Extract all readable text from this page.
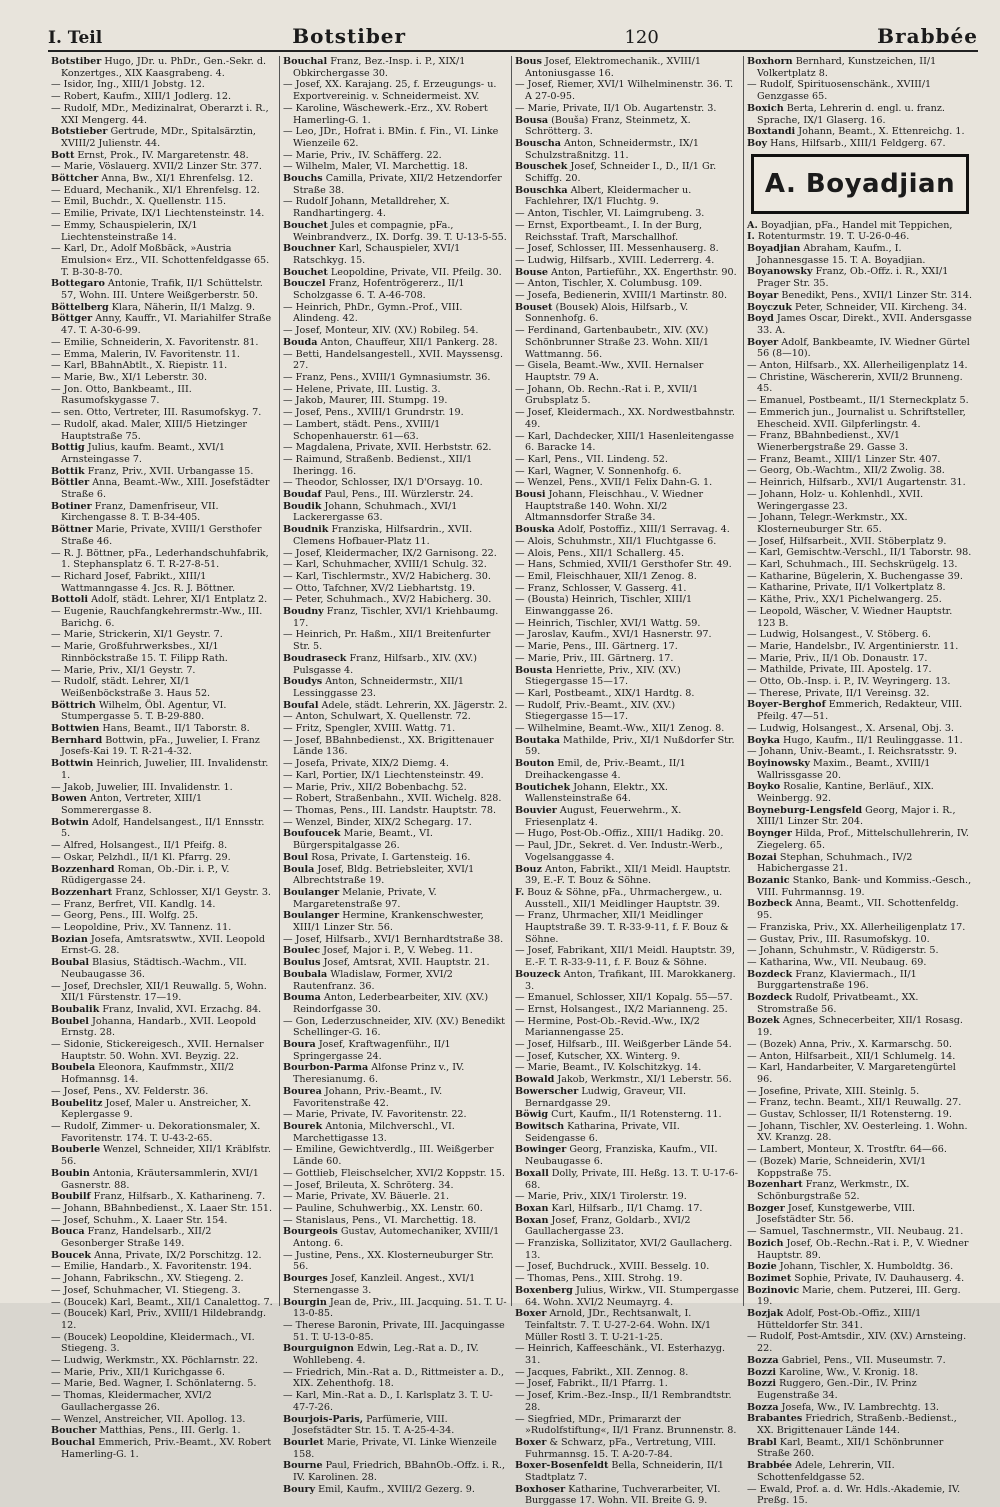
I. Teil	Botstiber	120	Brabbée

Botstiber Hugo, JDr. u. PhDr., Gen.-Sekr. d. Konzertges., XIX Kaasgrabeng. 4.

— Isidor, Ing., XIII/1 Jobstg. 12.

— Robert, Kaufm., XIII/1 Jodlerg. 12.

— Rudolf, MDr., Medizinalrat, Oberarzt i. R., XXI Mengerg. 44.

Botstieber Gertrude, MDr., Spitalsärztin, XVIII/2 Julienstr. 44.

Bott Ernst, Prok., IV. Margaretenstr. 48.

— Marie, Vöslauerg. XVII/2 Linzer Str. 377.

Böttcher Anna, Bw., XI/1 Ehrenfelsg. 12.

— Eduard, Mechanik., XI/1 Ehrenfelsg. 12.

— Emil, Buchdr., X. Quellenstr. 115.

— Emilie, Private, IX/1 Liechtensteinstr. 14.

— Emmy, Schauspielerin, IX/1 Liechtensteinstraße 14.

— Karl, Dr., Adolf Moßbäck, »Austria Emulsion« Erz., VII. Schottenfeldgasse 65. T. B-30-8-70.

Bottegaro Antonie, Trafik, II/1 Schüttelstr. 57, Wohn. III. Untere Weißgerberstr. 50.

Böttelberg Klara, Näherin, II/1 Malzg. 9.

Böttger Anny, Kauffr., VI. Mariahilfer Straße 47. T. A-30-6-99.

— Emilie, Schneiderin, X. Favoritenstr. 81.

— Emma, Malerin, IV. Favoritenstr. 11.

— Karl, BBahnAbtlt., X. Riepistr. 11.

— Marie, Bw., XI/1 Leberstr. 30.

— Jon. Otto, Bankbeamt., III. Rasumofskygasse 7.

— sen. Otto, Vertreter, III. Rasumofskyg. 7.

— Rudolf, akad. Maler, XIII/5 Hietzinger Hauptstraße 75.

Bottig Julius, kaufm. Beamt., XVI/1 Arnsteingasse 7.

Bottik Franz, Priv., XVII. Urbangasse 15.

Böttler Anna, Beamt.-Ww., XIII. Josefstädter Straße 6.

Botiner Franz, Damenfriseur, VII. Kirchengasse 8. T. B-34-405.

Böttner Marie, Private, XVIII/1 Gersthofer Straße 46.

— R. J. Böttner, pFa., Lederhandschuhfabrik, 1. Stephansplatz 6. T. R-27-8-51.

— Richard Josef, Fabrikt., XIII/1 Wattmanngasse 4. Jcs. R. J. Böttner.

Bottoli Adolf, städt. Lehrer, XI/1 Entplatz 2.

— Eugenie, Rauchfangkehrermstr.-Ww., III. Barichg. 6.

— Marie, Strickerin, XI/1 Geystr. 7.

— Marie, Großfuhrwerksbes., XI/1 Rinnböckstraße 15. T. Filipp Rath.

— Marie, Priv., XI/1 Geystr. 7.

— Rudolf, städt. Lehrer, XI/1 Weißenböckstraße 3. Haus 52.

Böttrich Wilhelm, Öbl. Agentur, VI. Stumpergasse 5. T. B-29-880.

Bottwien Hans, Beamt., II/1 Taborstr. 8.

Bernhard Bottwin, pFa., Juwelier, I. Franz Josefs-Kai 19. T. R-21-4-32.

Bottwin Heinrich, Juwelier, III. Invalidenstr. 1.

— Jakob, Juwelier, III. Invalidenstr. 1.

Bowen Anton, Vertreter, XIII/1 Sommerergasse 8.

Botwin Adolf, Handelsangest., II/1 Ennsstr. 5.

— Alfred, Holsangest., II/1 Pfeifg. 8.

— Oskar, Pelzhdl., II/1 Kl. Pfarrg. 29.

Bozzenhard Roman, Ob.-Dir. i. P., V. Rüdigergasse 24.

Bozzenhart Franz, Schlosser, XI/1 Geystr. 3.

— Franz, Berfret, VII. Kandlg. 14.

— Georg, Pens., III. Wolfg. 25.

— Leopoldine, Priv., XV. Tannenz. 11.

Bozian Josefa, Amtsratswtw., XVII. Leopold Ernst-G. 28.

Boubal Blasius, Städtisch.-Wachm., VII. Neubaugasse 36.

— Josef, Drechsler, XII/1 Reuwallg. 5, Wohn. XII/1 Fürstenstr. 17—19.

Boubalik Franz, Invalid, XVI. Erzachg. 84.

Boubel Johanna, Handarb., XVII. Leopold Ernstg. 28.

— Sidonie, Stickereigesch., XVII. Hernalser Hauptstr. 50. Wohn. XVI. Beyzig. 22.

Boubela Eleonora, Kaufmmstr., XII/2 Hofmannsg. 14.

— Josef, Pens., XV. Felderstr. 36.

Boubelitz Josef, Maler u. Anstreicher, X. Keplergasse 9.

— Rudolf, Zimmer- u. Dekorationsmaler, X. Favoritenstr. 174. T. U-43-2-65.

Bouberle Wenzel, Schneider, XII/1 Kräblfstr. 56.

Boubin Antonia, Kräutersammlerin, XVI/1 Gasnerstr. 88.

Boubilf Franz, Hilfsarb., X. Katharineng. 7.

— Johann, BBahnbedienst., X. Laaer Str. 151.

— Josef, Schuhm., X. Laaer Str. 154.

Bouca Franz, Handelsarb., XII/2 Gesonberger Straße 149.

Boucek Anna, Private, IX/2 Porschitzg. 12.

— Emilie, Handarb., X. Favoritenstr. 194.

— Johann, Fabrikschn., XV. Stiegeng. 2.

— Josef, Schuhmacher, VI. Stiegeng. 3.

— (Boucek) Karl, Beamt., XII/1 Canalettog. 7.

— (Boucek) Karl, Priv., XVIII/1 Hildebrandg. 12.

— (Boucek) Leopoldine, Kleidermach., VI. Stiegeng. 3.

— Ludwig, Werkmstr., XX. Pöchlarnstr. 22.

— Marie, Priv., XII/1 Kurichgasse 6.

— Marie, Bed. Wagner, I. Schönlaterng. 5.

— Thomas, Kleidermacher, XVI/2 Gaullachergasse 26.

— Wenzel, Anstreicher, VII. Apollog. 13.

Boucher Matthias, Pens., III. Gerlg. 1.

Bouchal Emmerich, Priv.-Beamt., XV. Robert Hamerling-G. 1.

Bouchal Franz, Bez.-Insp. i. P., XIX/1 Obkirchergasse 30.

— Josef, XX. Karajang. 25, f. Erzeugungs- u. Exportvereinig. v. Schneidermeist. XV.

— Karoline, Wäschewerk.-Erz., XV. Robert Hamerling-G. 1.

— Leo, JDr., Hofrat i. BMin. f. Fin., VI. Linke Wienzeile 62.

— Marie, Priv., IV. Schäfferg. 22.

— Wilhelm, Maler, VI. Marchettig. 18.

Bouchs Camilla, Private, XII/2 Hetzendorfer Straße 38.

— Rudolf Johann, Metalldreher, X. Randhartingerg. 4.

Bouchet Jules et compagnie, pFa., Weinbrandverz., IX. Dorfg. 39. T. U-13-5-55.

Bouchner Karl, Schauspieler, XVI/1 Ratschkyg. 15.

Bouchet Leopoldine, Private, VII. Pfeilg. 30.

Bouczel Franz, Hofentrögererz., II/1 Scholzgasse 6. T. A-46-708.

— Heinrich, PhDr., Gymn.-Prof., VIII. Alindeng. 42.

— Josef, Monteur, XIV. (XV.) Robileg. 54.

Bouda Anton, Chauffeur, XII/1 Pankerg. 28.

— Betti, Handelsangestell., XVII. Mayssensg. 27.

— Franz, Pens., XVIII/1 Gymnasiumstr. 36.

— Helene, Private, III. Lustig. 3.

— Jakob, Maurer, III. Stumpg. 19.

— Josef, Pens., XVIII/1 Grundrstr. 19.

— Lambert, städt. Pens., XVIII/1 Schopenhauerstr. 61—63.

— Magdalena, Private, XVII. Herbststr. 62.

— Raimund, Straßenb. Bedienst., XII/1 Iheringg. 16.

— Theodor, Schlosser, IX/1 D'Orsayg. 10.

Boudaf Paul, Pens., III. Würzlerstr. 24.

Boudik Johann, Schuhmach., XVI/1 Lackerergasse 63.

Boudnik Franziska, Hilfsardrin., XVII. Clemens Hofbauer-Platz 11.

— Josef, Kleidermacher, IX/2 Garnisong. 22.

— Karl, Schuhmacher, XVIII/1 Schulg. 32.

— Karl, Tischlermstr., XV/2 Habicherg. 30.

— Otto, Tafchner, XV/2 Liebhartstg. 19.

— Peter, Schuhmach., XV/2 Habicherg. 30.

Boudny Franz, Tischler, XVI/1 Kriehbaumg. 17.

— Heinrich, Pr. Haßm., XII/1 Breitenfurter Str. 5.

Boudraseck Franz, Hilfsarb., XIV. (XV.) Pulsgasse 4.

Boudys Anton, Schneidermstr., XII/1 Lessinggasse 23.

Boufal Adele, städt. Lehrerin, XX. Jägerstr. 2.

— Anton, Schulwart, X. Quellenstr. 72.

— Fritz, Spengler, XVIII. Wattg. 71.

— Josef, BBahnbedienst., XX. Brigittenauer Lände 136.

— Josefa, Private, XIX/2 Diemg. 4.

— Karl, Portier, IX/1 Liechtensteinstr. 49.

— Marie, Priv., XII/2 Bobenbachg. 52.

— Robert, Straßenbahn., XVII. Wichelg. 828.

— Thomas, Pens., III. Landstr. Hauptstr. 78.

— Wenzel, Binder, XIX/2 Schegarg. 17.

Boufoucek Marie, Beamt., VI. Bürgerspitalgasse 26.

Boul Rosa, Private, I. Gartensteig. 16.

Boula Josef, Bldg. Betriebsleiter, XVI/1 Albrechtstraße 19.

Boulanger Melanie, Private, V. Margaretenstraße 97.

Boulanger Hermine, Krankenschwester, XIII/1 Linzer Str. 56.

— Josef, Hilfsarb., XVI/1 Bernhardtstraße 38.

Boulec Josef, Major i. P., V. Webeg. 11.

Boulus Josef, Amtsrat, XVII. Hauptstr. 21.

Boubala Wladislaw, Former, XVI/2 Rautenfranz. 36.

Bouma Anton, Lederbearbeiter, XIV. (XV.) Reindorfgasse 30.

— Gon, Lederzuschneider, XIV. (XV.) Benedikt Schellinger-G. 16.

Boura Josef, Kraftwagenführ., II/1 Springergasse 24.

Bourbon-Parma Alfonse Prinz v., IV. Theresianumg. 6.

Bourea Johann, Priv.-Beamt., IV. Favoritenstraße 42.

— Marie, Private, IV. Favoritenstr. 22.

Bourek Antonia, Milchverschl., VI. Marchettigasse 13.

— Emiline, Gewichtverdlg., III. Weißgerber Lände 60.

— Gottlieb, Fleischselcher, XVI/2 Koppstr. 15.

— Josef, Brileuta, X. Schröterg. 34.

— Marie, Private, XV. Bäuerle. 21.

— Pauline, Schuhwerbig., XX. Lenstr. 60.

— Stanislaus, Pens., VI. Marchettig. 18.

Bourgeois Gustav, Automechaniker, XVIII/1 Antong. 6.

— Justine, Pens., XX. Klosterneuburger Str. 56.

Bourges Josef, Kanzleil. Angest., XVI/1 Sternengasse 3.

Bourgin Jean de, Priv., III. Jacquing. 51. T. U-13-0-85.

— Therese Baronin, Private, III. Jacquingasse 51. T. U-13-0-85.

Bourguignon Edwin, Leg.-Rat a. D., IV. Wohllebeng. 4.

— Friedrich, Min.-Rat a. D., Rittmeister a. D., XIX. Zehenthofg. 18.

— Karl, Min.-Rat a. D., I. Karlsplatz 3. T. U-47-7-26.

Bourjois-Paris, Parfümerie, VIII. Josefstädter Str. 15. T. A-25-4-34.

Bourlet Marie, Private, VI. Linke Wienzeile 158.

Bourne Paul, Friedrich, BBahnOb.-Offz. i. R., IV. Karolinen. 28.

Boury Emil, Kaufm., XVIII/2 Gezerg. 9.

Bous Josef, Elektromechanik., XVIII/1 Antoniusgasse 16.

— Josef, Riemer, XVI/1 Wilhelminenstr. 36. T. A 27-0-95.

— Marie, Private, II/1 Ob. Augartenstr. 3.

Bousa (Bouša) Franz, Steinmetz, X. Schrötterg. 3.

Bouscha Anton, Schneidermstr., IX/1 Schulzstraßnitzg. 11.

Bouschek Josef, Schneider I., D., II/1 Gr. Schiffg. 20.

Bouschka Albert, Kleidermacher u. Fachlehrer, IX/1 Fluchtg. 9.

— Anton, Tischler, VI. Laimgrubeng. 3.

— Ernst, Exportbeamt., I. In der Burg, Reichsstaf. Traft, Marschallhof.

— Josef, Schlosser, III. Messenhauserg. 8.

— Ludwig, Hilfsarb., XVIII. Lederrerg. 4.

Bouse Anton, Partieführ., XX. Engerthstr. 90.

— Anton, Tischler, X. Columbusg. 109.

— Josefa, Bedienerin, XVIII/1 Martinstr. 80.

Bouset (Bousek) Alois, Hilfsarb., V. Sonnenhofg. 6.

— Ferdinand, Gartenbaubetr., XIV. (XV.) Schönbrunner Straße 23. Wohn. XII/1 Wattmanng. 56.

— Gisela, Beamt.-Ww., XVII. Hernalser Hauptstr. 79 A.

— Johann, Ob. Rechn.-Rat i. P., XVII/1 Grubsplatz 5.

— Josef, Kleidermach., XX. Nordwestbahnstr. 49.

— Karl, Dachdecker, XIII/1 Hasenleitengasse 6. Baracke 14.

— Karl, Pens., VII. Lindeng. 52.

— Karl, Wagner, V. Sonnenhofg. 6.

— Wenzel, Pens., XVII/1 Felix Dahn-G. 1.

Bousi Johann, Fleischhau., V. Wiedner Hauptstraße 140. Wohn. XI/2 Altmannsdorfer Straße 34.

Bouska Adolf, Postoffiz., XIII/1 Serravag. 4.

— Alois, Schuhmstr., XII/1 Fluchtgasse 6.

— Alois, Pens., XII/1 Schallerg. 45.

— Hans, Schmied, XVII/1 Gersthofer Str. 49.

— Emil, Fleischhauer, XII/1 Zenog. 8.

— Franz, Schlosser, V. Gasserg. 41.

— (Bousta) Heinrich, Tischler, XIII/1 Einwanggasse 26.

— Heinrich, Tischler, XVI/1 Wattg. 59.

— Jaroslav, Kaufm., XVI/1 Hasnerstr. 97.

— Marie, Pens., III. Gärtnerg. 17.

— Marie, Priv., III. Gärtnerg. 17.

Bousta Henriette, Priv., XIV. (XV.) Stiegergasse 15—17.

— Karl, Postbeamt., XIX/1 Hardtg. 8.

— Rudolf, Priv.-Beamt., XIV. (XV.) Stiegergasse 15—17.

— Wilhelmine, Beamt.-Ww., XII/1 Zenog. 8.

Boutaka Mathilde, Priv., XI/1 Nußdorfer Str. 59.

Bouton Emil, de, Priv.-Beamt., II/1 Dreihackengasse 4.

Boutichek Johann, Elektr., XX. Wallensteinstraße 64.

Bouvier August, Feuerwehrm., X. Friesenplatz 4.

— Hugo, Post-Ob.-Offiz., XIII/1 Hadikg. 20.

— Paul, JDr., Sekret. d. Ver. Industr.-Werb., Vogelsanggasse 4.

Bouz Anton, Fabrikt., XII/1 Meidl. Hauptstr. 39, E.-F. T. Bouz & Söhne.

F. Bouz & Söhne, pFa., Uhrmachergew., u. Ausstell., XII/1 Meidlinger Hauptstr. 39.

— Franz, Uhrmacher, XII/1 Meidlinger Hauptstraße 39. T. R-33-9-11, f. F. Bouz & Söhne.

— Josef, Fabrikant, XII/1 Meidl. Hauptstr. 39, E.-F. T. R-33-9-11, f. F. Bouz & Söhne.

Bouzeck Anton, Trafikant, III. Marokkanerg. 3.

— Emanuel, Schlosser, XII/1 Kopalg. 55—57.

— Ernst, Holsangest., IX/2 Marianneng. 25.

— Hermine, Post-Ob.-Revid.-Ww., IX/2 Mariannengasse 25.

— Josef, Hilfsarb., III. Weißgerber Lände 54.

— Josef, Kutscher, XX. Winterg. 9.

— Marie, Beamt., IV. Kolschitzkyg. 14.

Bowald Jakob, Werkmstr., XI/1 Leberstr. 56.

Bowerscher Ludwig, Graveur, VII. Bernardgasse 29.

Böwig Curt, Kaufm., II/1 Rotensterng. 11.

Bowitsch Katharina, Private, VII. Seidengasse 6.

Bowinger Georg, Franziska, Kaufm., VII. Neubaugasse 6.

Boxall Dolly, Private, III. Heßg. 13. T. U-17-6-68.

— Marie, Priv., XIX/1 Tirolerstr. 19.

Boxan Karl, Hilfsarb., II/1 Chamg. 17.

Boxan Josef, Franz, Goldarb., XVI/2 Gaullachergasse 23.

— Franziska, Sollizitator, XVI/2 Gaullacherg. 13.

— Josef, Buchdruck., XVIII. Besselg. 10.

— Thomas, Pens., XIII. Strohg. 19.

Boxenberg Julius, Wirkw., VII. Stumpergasse 64. Wohn. XVI/2 Neumayrg. 4.

Boxer Arnold, JDr., Rechtsanwalt, I. Teinfaltstr. 7. T. U-27-2-64. Wohn. IX/1 Müller Rostl 3. T. U-21-1-25.

— Heinrich, Kaffeeschänk., VI. Esterhazyg. 31.

— Jacques, Fabrikt., XII. Zennog. 8.

— Josef, Fabrikt., II/1 Pfarrg. 1.

— Josef, Krim.-Bez.-Insp., II/1 Rembrandtstr. 28.

— Siegfried, MDr., Primararzt der »Rudolfstiftung«, II/1 Franz. Brunnenstr. 8.

Boxer & Schwarz, pFa., Vertretung, VIII. Fuhrmannsg. 15. T. A-20-7-84.

Boxer-Bosenfeldt Bella, Schneiderin, II/1 Stadtplatz 7.

Boxhoser Katharine, Tuchverarbeiter, VI. Burggasse 17. Wohn. VII. Breite G. 9.

Boxhorn Bernhard, Kunstzeichen, II/1 Volkertplatz 8.

— Rudolf, Spirituosenschänk., XVIII/1 Genzgasse 65.

Boxich Berta, Lehrerin d. engl. u. franz. Sprache, IX/1 Glaserg. 16.

Boxtandi Johann, Beamt., X. Ettenreichg. 1.

Boy Hans, Hilfsarb., XIII/1 Feldgerg. 67.

A. Boyadjian

A. Boyadjian, pFa., Handel mit Teppichen,

I. Rotenturmstr. 19. T. U-26-0-46.

Boyadjian Abraham, Kaufm., I. Johannesgasse 15. T. A. Boyadjian.

Boyanowsky Franz, Ob.-Offz. i. R., XXI/1 Prager Str. 35.

Boyar Benedikt, Pens., XVII/1 Linzer Str. 314.

Boyczuk Peter, Schneider, VII. Kircheng. 34.

Boyd James Oscar, Direkt., XVII. Andersgasse 33. A.

Boyer Adolf, Bankbeamte, IV. Wiedner Gürtel 56 (8—10).

— Anton, Hilfsarb., XX. Allerheiligenplatz 14.

— Christine, Wäschererin, XVII/2 Brunneng. 45.

— Emanuel, Postbeamt., II/1 Sterneckplatz 5.

— Emmerich jun., Journalist u. Schriftsteller, Ehescheid. XVII. Gilpferlingstr. 4.

— Franz, BBahnbedienst., XV/1 Wienerbergstraße 29. Gasse 3.

— Franz, Beamt., XIII/1 Linzer Str. 407.

— Georg, Ob.-Wachtm., XII/2 Zwolig. 38.

— Heinrich, Hilfsarb., XVI/1 Augartenstr. 31.

— Johann, Holz- u. Kohlenhdl., XVII. Weringergasse 23.

— Johann, Telegr.-Werkmstr., XX. Klosterneuburger Str. 65.

— Josef, Hilfsarbeit., XVII. Stöberplatz 9.

— Karl, Gemischtw.-Verschl., II/1 Taborstr. 98.

— Karl, Schuhmach., III. Sechskrügelg. 13.

— Katharine, Bügelerin, X. Buchengasse 39.

— Katharine, Private, II/1 Volkertplatz 8.

— Käthe, Priv., XX/1 Pichelwangerg. 25.

— Leopold, Wäscher, V. Wiedner Hauptstr. 123 B.

— Ludwig, Holsangest., V. Stöberg. 6.

— Marie, Handelsbr., IV. Argentinierstr. 11.

— Marie, Priv., II/1 Ob. Donaustr. 17.

— Mathilde, Private, III. Apostelg. 17.

— Otto, Ob.-Insp. i. P., IV. Weyringerg. 13.

— Therese, Private, II/1 Vereinsg. 32.

Boyer-Berghof Emmerich, Redakteur, VIII. Pfeilg. 47—51.

— Ludwig, Holsangest., X. Arsenal, Obj. 3.

Boyka Hugo, Kaufm., II/1 Reulinggasse. 11.

— Johann, Univ.-Beamt., I. Reichsratsstr. 9.

Boyinowsky Maxim., Beamt., XVIII/1 Wallrissgasse 20.

Boyko Rosalie, Kantine, Berläuf., XIX. Weinbergg. 92.

Boyneburg-Lengsfeld Georg, Major i. R., XIII/1 Linzer Str. 204.

Boynger Hilda, Prof., Mittelschullehrerin, IV. Ziegelerg. 65.

Bozai Stephan, Schuhmach., IV/2 Habichergasse 21.

Bozanic Stanko, Bank- und Kommiss.-Gesch., VIII. Fuhrmannsg. 19.

Bozbeck Anna, Beamt., VII. Schottenfeldg. 95.

— Franziska, Priv., XX. Allerheiligenplatz 17.

— Gustav, Priv., III. Rasumofskyg. 10.

— Johann, Schuhmstr., V. Rüdigerstr. 5.

— Katharina, Ww., VII. Neubaug. 69.

Bozdeck Franz, Klaviermach., II/1 Burggartenstraße 196.

Bozdeck Rudolf, Privatbeamt., XX. Stromstraße 56.

Bozek Agnes, Schnecerbeiter, XII/1 Rosasg. 19.

— (Bozek) Anna, Priv., X. Karmarschg. 50.

— Anton, Hilfsarbeit., XII/1 Schlumelg. 14.

— Karl, Handarbeiter, V. Margaretengürtel 96.

— Josefine, Private, XIII. Steinlg. 5.

— Franz, techn. Beamt., XII/1 Reuwallg. 27.

— Gustav, Schlosser, II/1 Rotensterng. 19.

— Johann, Tischler, XV. Oesterleing. 1. Wohn. XV. Kranzg. 28.

— Lambert, Monteur, X. Trostftr. 64—66.

— (Bozek) Marie, Schneiderin, XVI/1 Koppstraße 75.

Bozenhart Franz, Werkmstr., IX. Schönburgstraße 52.

Bozger Josef, Kunstgewerbe, VIII. Josefstädter Str. 56.

— Samuel, Taschnermstr., VII. Neubaug. 21.

Bozich Josef, Ob.-Rechn.-Rat i. P., V. Wiedner Hauptstr. 89.

Bozie Johann, Tischler, X. Humboldtg. 36.

Bozimet Sophie, Private, IV. Dauhauserg. 4.

Bozinovic Marie, chem. Putzerei, III. Gerg. 19.

Bozjak Adolf, Post-Ob.-Offiz., XIII/1 Hütteldorfer Str. 341.

— Rudolf, Post-Amtsdir., XIV. (XV.) Arnsteing. 22.

Bozza Gabriel, Pens., VII. Museumstr. 7.

Bozzi Karoline, Ww., V. Kronig. 18.

Bozzi Ruggero, Gen.-Dir., IV. Prinz Eugenstraße 34.

Bozza Josefa, Ww., IV. Lambrechtg. 13.

Brabantes Friedrich, Straßenb.-Bedienst., XX. Brigittenauer Lände 144.

Brabl Karl, Beamt., XII/1 Schönbrunner Straße 260.

Brabbée Adele, Lehrerin, VII. Schottenfeldgasse 52.

— Ewald, Prof. a. d. Wr. Hdls.-Akademie, IV. Preßg. 15.
